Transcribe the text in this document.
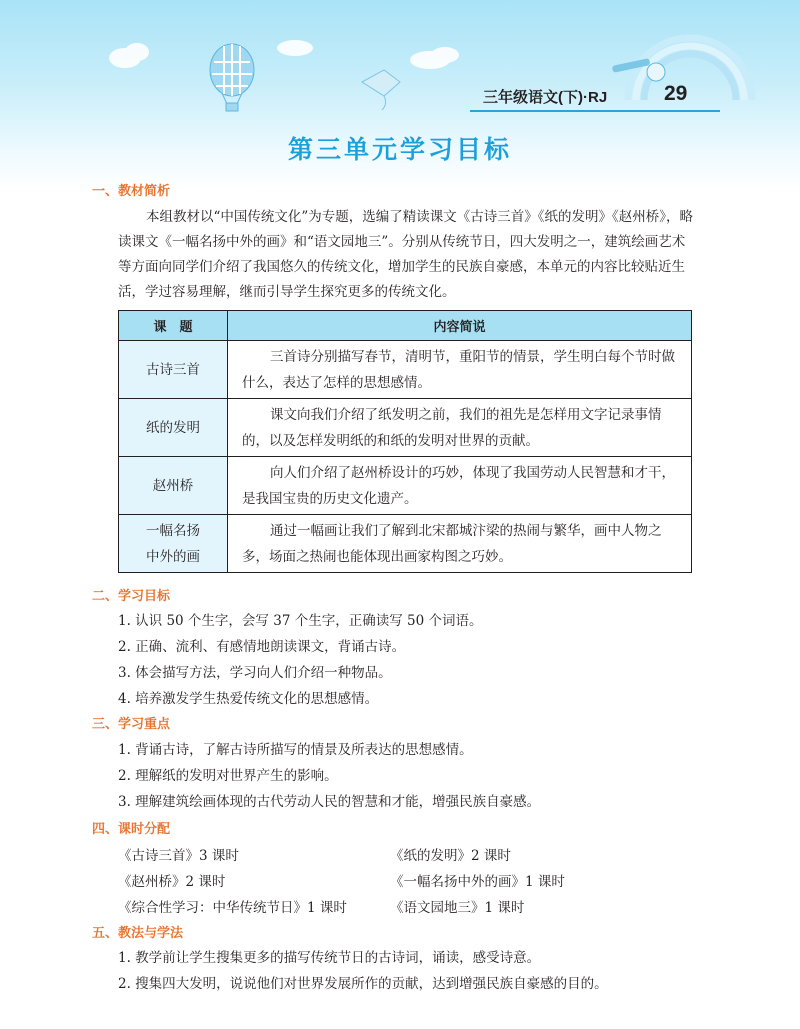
三年级语文(下)·RJ	29
第三单元学习目标
一、教材简析
本组教材以“中国传统文化”为专题，选编了精读课文《古诗三首》《纸的发明》《赵州桥》，略读课文《一幅名扬中外的画》和“语文园地三”。分别从传统节日，四大发明之一，建筑绘画艺术等方面向同学们介绍了我国悠久的传统文化，增加学生的民族自豪感，本单元的内容比较贴近生活，学过容易理解，继而引导学生探究更多的传统文化。
课　题	内容简说
古诗三首	三首诗分别描写春节，清明节，重阳节的情景，学生明白每个节时做什么，表达了怎样的思想感情。
纸的发明	课文向我们介绍了纸发明之前，我们的祖先是怎样用文字记录事情的，以及怎样发明纸的和纸的发明对世界的贡献。
赵州桥	向人们介绍了赵州桥设计的巧妙，体现了我国劳动人民智慧和才干，是我国宝贵的历史文化遗产。

一幅名扬
中外的画	通过一幅画让我们了解到北宋都城汴梁的热闹与繁华，画中人物之多，场面之热闹也能体现出画家构图之巧妙。
二、学习目标
1. 认识 50 个生字，会写 37 个生字，正确读写 50 个词语。
2. 正确、流利、有感情地朗读课文，背诵古诗。
3. 体会描写方法，学习向人们介绍一种物品。
4. 培养激发学生热爱传统文化的思想感情。
三、学习重点
1. 背诵古诗，了解古诗所描写的情景及所表达的思想感情。
2. 理解纸的发明对世界产生的影响。
3. 理解建筑绘画体现的古代劳动人民的智慧和才能，增强民族自豪感。
四、课时分配
《古诗三首》3 课时	《纸的发明》2 课时
《赵州桥》2 课时	《一幅名扬中外的画》1 课时
《综合性学习：中华传统节日》1 课时	《语文园地三》1 课时
五、教法与学法
1. 教学前让学生搜集更多的描写传统节日的古诗词，诵读，感受诗意。
2. 搜集四大发明，说说他们对世界发展所作的贡献，达到增强民族自豪感的目的。
